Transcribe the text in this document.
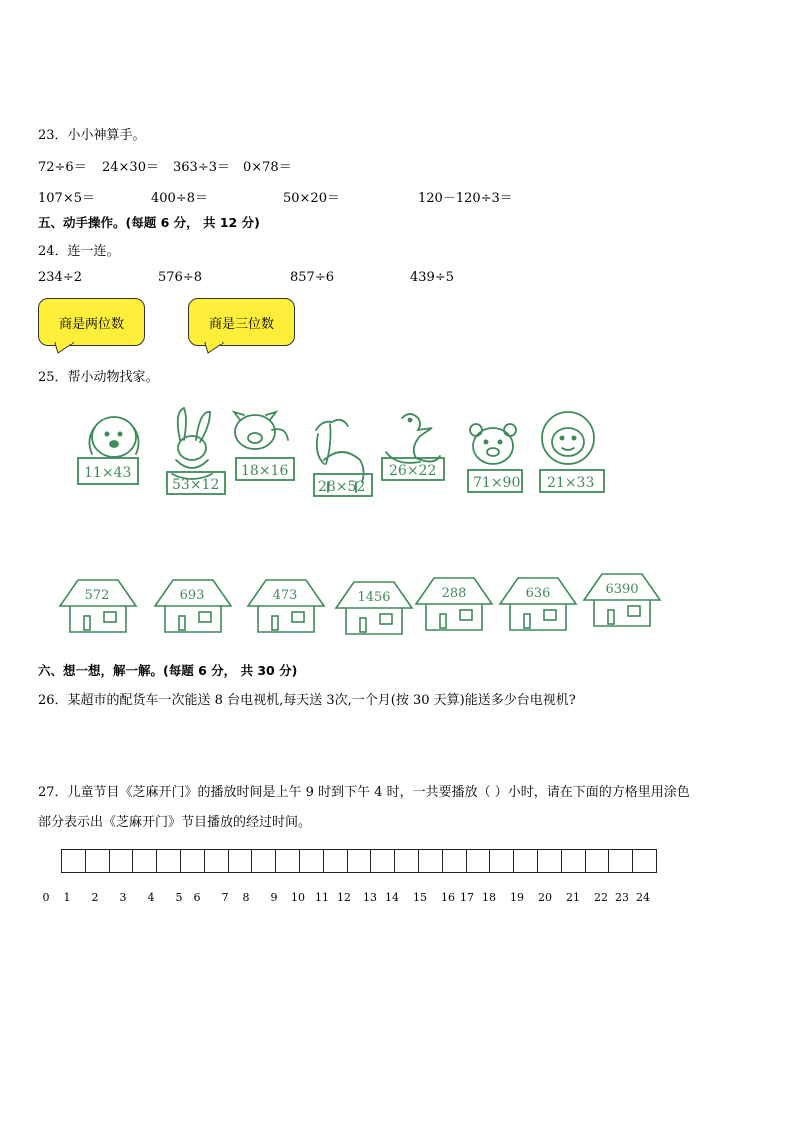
23．小小神算手。
72÷6＝ 24×30＝ 363÷3＝ 0×78＝
107×5＝	400÷8＝	50×20＝	120－120÷3＝
五、动手操作。(每题 6 分， 共 12 分)
24．连一连。
234÷2	576÷8	857÷6	439÷5
商是两位数	商是三位数
25．帮小动物找家。
11×43
53×12
18×16
28×52
26×22
71×90 21×33
572	693	473	1456	288	636	6390
六、想一想，解一解。(每题 6 分， 共 30 分)
26．某超市的配货车一次能送 8 台电视机,每天送 3次,一个月(按 30 天算)能送多少台电视机?
27．儿童节目《芝麻开门》的播放时间是上午 9 时到下午 4 时，一共要播放（ ）小时，请在下面的方格里用涂色
部分表示出《芝麻开门》节目播放的经过时间。
0 1 2 3 4 5 6 7 8 9 10 11 12 13 14 15 16 17 18 19 20 21 22 23 24
